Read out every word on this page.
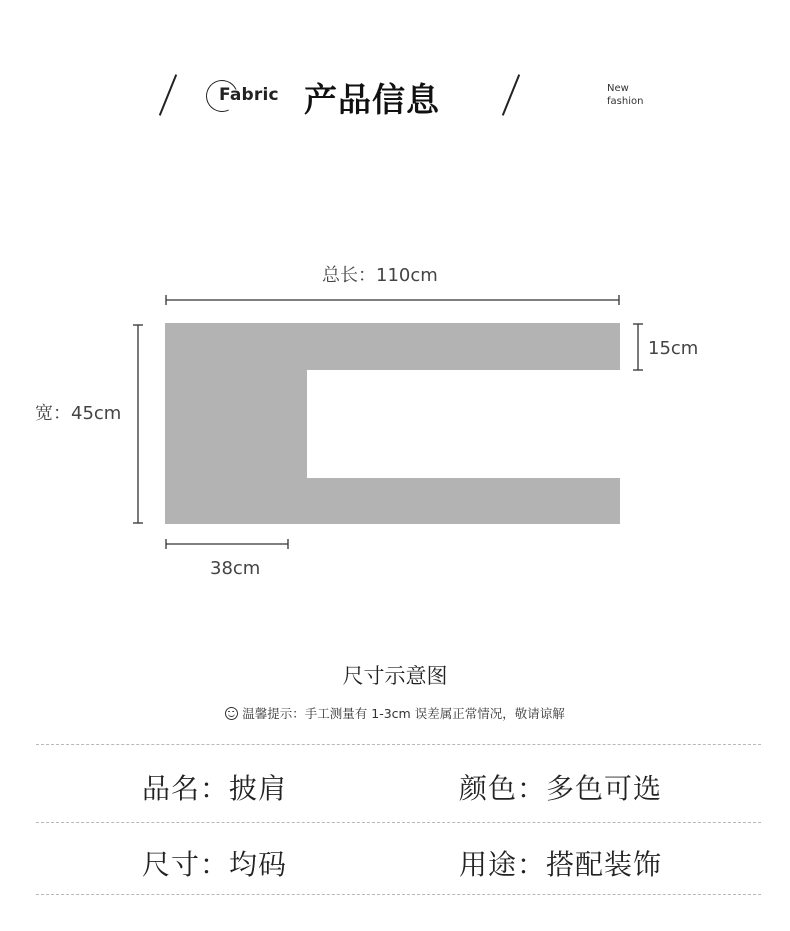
Fabric 产品信息	New
fashion
总长：110cm
宽：45cm
15cm
38cm
尺寸示意图
温馨提示：手工测量有 1-3cm 误差属正常情况，敬请谅解
品名：披肩	颜色：多色可选
尺寸：均码	用途：搭配装饰
